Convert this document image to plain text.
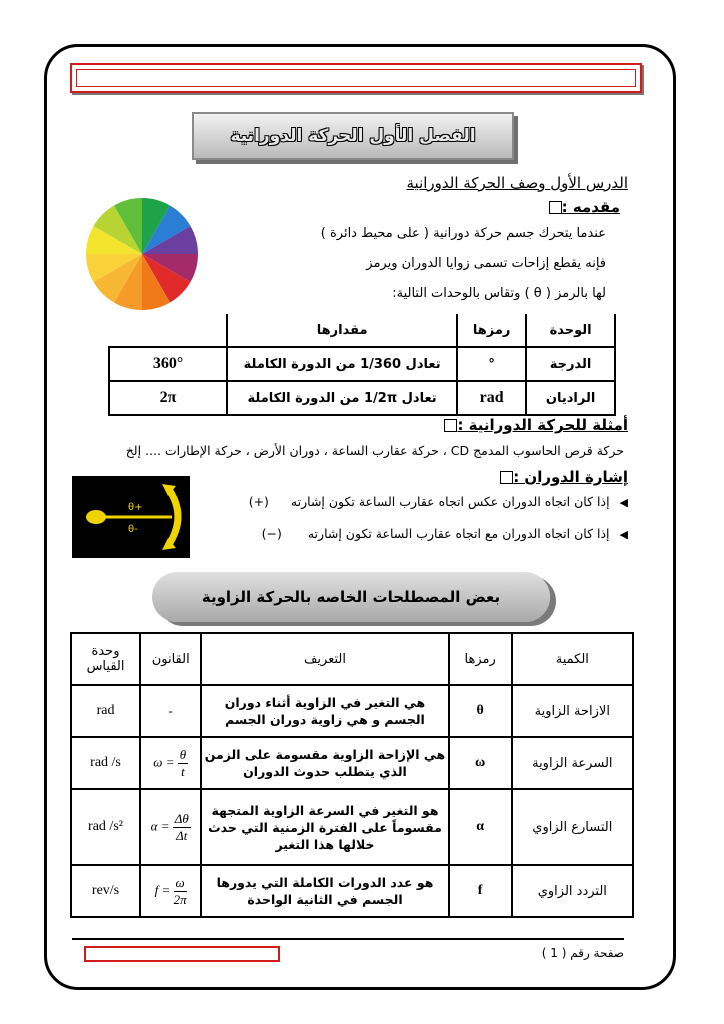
الفصل الأول الحركة الدورانية
الدرس الأول وصف الحركة الدورانية
مقدمه :
عندما يتحرك جسم حركة دورانية ( على محيط دائرة )
فإنه يقطع إزاحات تسمى زوايا الدوران ويرمز
لها بالرمز ( θ ) وتقاس بالوحدات التالية:
	مقدارها	رمزها	الوحدة
360°	تعادل 1/360 من الدورة الكاملة	°	الدرجة
2π	تعادل 1/2π من الدورة الكاملة	rad	الراديان
أمثلة للحركة الدورانية :
حركة قرص الحاسوب المدمج CD ، حركة عقارب الساعة ، دوران الأرض ، حركة الإطارات .... إلخ
إشارة الدوران :
θ+
θ-
◀ إذا كان اتجاه الدوران عكس اتجاه عقارب الساعة تكون إشارته (+)
◀ إذا كان اتجاه الدوران مع اتجاه عقارب الساعة تكون إشارته (−)
بعض المصطلحات الخاصه بالحركة الزاوية
وحدة القياس	القانون	التعريف	رمزها	الكمية
rad	-	هي التغير في الزاوية أثناء دوران الجسم و هي زاوية دوران الجسم	θ	الازاحة الزاوية
rad /s	$\omega = \frac{\theta}{t}$	هي الإزاحة الزاوية مقسومة على الزمن الذي يتطلب حدوث الدوران	ω	السرعة الزاوية
rad /s²	$\alpha = \frac{\Delta\theta}{\Delta t}$	هو التغير في السرعة الزاوية المتجهة مقسوماً على الفترة الزمنية التي حدث خلالها هذا التغير	α	التسارع الزاوي
rev/s	$f = \frac{\omega}{2\pi}$	هو عدد الدورات الكاملة التي يدورها الجسم في الثانية الواحدة	f	التردد الزاوي
صفحة رقم ( 1 )
